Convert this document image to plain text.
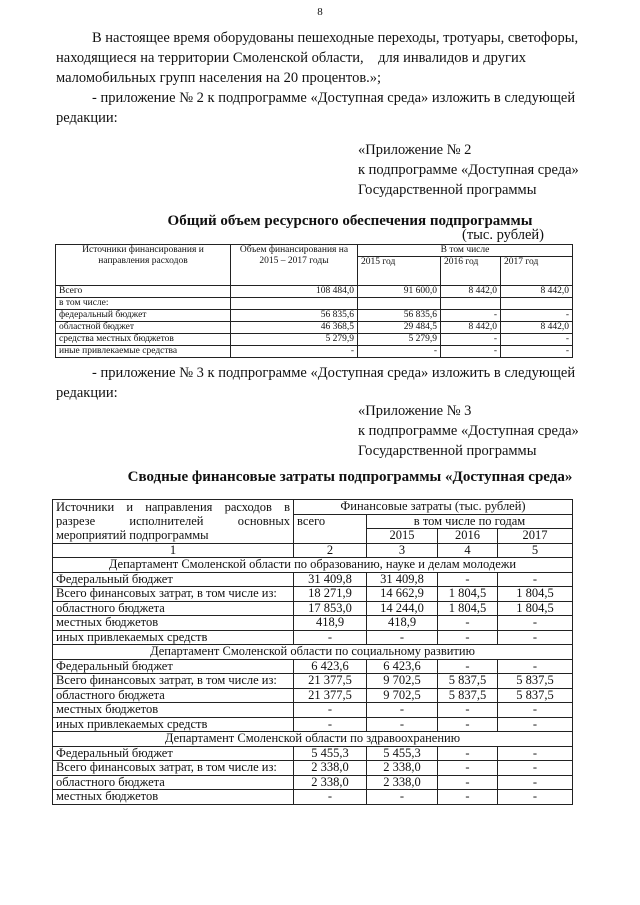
8
В настоящее время оборудованы пешеходные переходы, тротуары, светофоры,
находящиеся на территории Смоленской области,    для инвалидов и других
маломобильных групп населения на 20 процентов.»;
- приложение № 2 к подпрограмме «Доступная среда» изложить в следующей
редакции:
«Приложение № 2
к подпрограмме «Доступная среда»
Государственной программы
Общий объем ресурсного обеспечения подпрограммы
(тыс. рублей)
Источники финансирования и направления расходов	Объем финансирования на 2015 – 2017 годы	В том числе		
		2015 год	2016 год	2017 год
Всего	108 484,0	91 600,0	8 442,0	8 442,0
в том числе:				
федеральный бюджет	56 835,6	56 835,6	-	-
областной бюджет	46 368,5	29 484,5	8 442,0	8 442,0
средства местных бюджетов	5 279,9	5 279,9	-	-
иные привлекаемые средства	-	-	-	-
- приложение № 3 к подпрограмме «Доступная среда» изложить в следующей
редакции:
«Приложение № 3
к подпрограмме «Доступная среда»
Государственной программы
Сводные финансовые затраты подпрограммы «Доступная среда»
Источники и направления расходов в
разрезе исполнителей основных
мероприятий подпрограммы	Финансовые затраты (тыс. рублей)			
	всего	в том числе по годам		
		2015	2016	2017
1	2	3	4	5
Департамент Смоленской области по образованию, науке и делам молодежи				
Федеральный бюджет	31 409,8	31 409,8	-	-
Всего финансовых затрат, в том числе из:	18 271,9	14 662,9	1 804,5	1 804,5
областного бюджета	17 853,0	14 244,0	1 804,5	1 804,5
местных бюджетов	418,9	418,9	-	-
иных привлекаемых средств	-	-	-	-
Департамент Смоленской области по социальному развитию				
Федеральный бюджет	6 423,6	6 423,6	-	-
Всего финансовых затрат, в том числе из:	21 377,5	9 702,5	5 837,5	5 837,5
областного бюджета	21 377,5	9 702,5	5 837,5	5 837,5
местных бюджетов	-	-	-	-
иных привлекаемых средств	-	-	-	-
Департамент Смоленской области по здравоохранению				
Федеральный бюджет	5 455,3	5 455,3	-	-
Всего финансовых затрат, в том числе из:	2 338,0	2 338,0	-	-
областного бюджета	2 338,0	2 338,0	-	-
местных бюджетов	-	-	-	-
